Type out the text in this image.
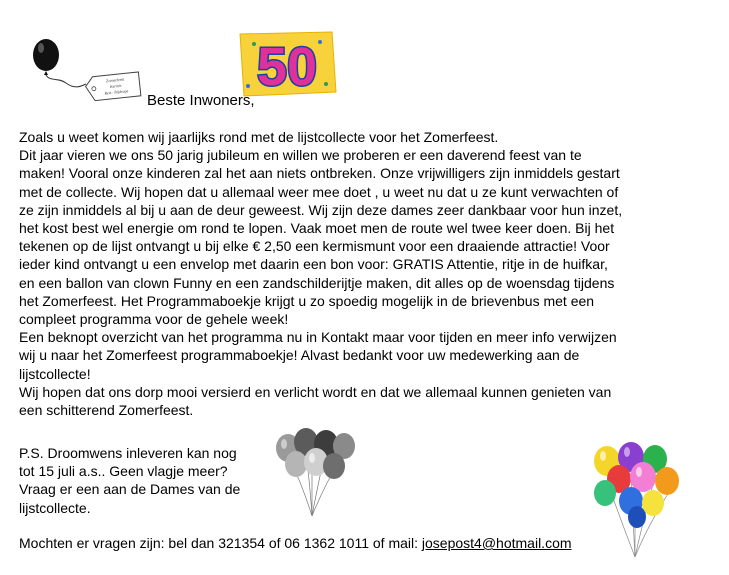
Zomerfeest
Kermis
Reis · Bijdrage 50
Beste Inwoners,
Zoals u weet komen wij jaarlijks rond met de lijstcollecte voor het Zomerfeest.
Dit jaar vieren we ons 50 jarig jubileum en willen we proberen er een daverend feest van te
maken! Vooral onze kinderen zal het aan niets ontbreken. Onze vrijwilligers zijn inmiddels gestart
met de collecte. Wij hopen dat u allemaal weer mee doet , u weet nu dat u ze kunt verwachten of
ze zijn inmiddels al bij u aan de deur geweest. Wij zijn deze dames zeer dankbaar voor hun inzet,
het kost best wel energie om rond te lopen. Vaak moet men de route wel twee keer doen. Bij het
tekenen op de lijst ontvangt u bij elke € 2,50 een kermismunt voor een draaiende attractie! Voor
ieder kind ontvangt u een envelop met daarin een bon voor: GRATIS Attentie, ritje in de huifkar,
en een ballon van clown Funny en een zandschilderijtje maken, dit alles op de woensdag tijdens
het Zomerfeest. Het Programmaboekje krijgt u zo spoedig mogelijk in de brievenbus met een
compleet programma voor de gehele week!
Een beknopt overzicht van het programma nu in Kontakt maar voor tijden en meer info verwijzen
wij u naar het Zomerfeest programmaboekje! Alvast bedankt voor uw medewerking aan de
lijstcollecte!
Wij hopen dat ons dorp mooi versierd en verlicht wordt en dat we allemaal kunnen genieten van
een schitterend Zomerfeest.
P.S. Droomwens inleveren kan nog
tot 15 juli a.s.. Geen vlagje meer?
Vraag er een aan de Dames van de
lijstcollecte.
Mochten er vragen zijn: bel dan 321354 of 06 1362 1011 of mail: josepost4@hotmail.com
